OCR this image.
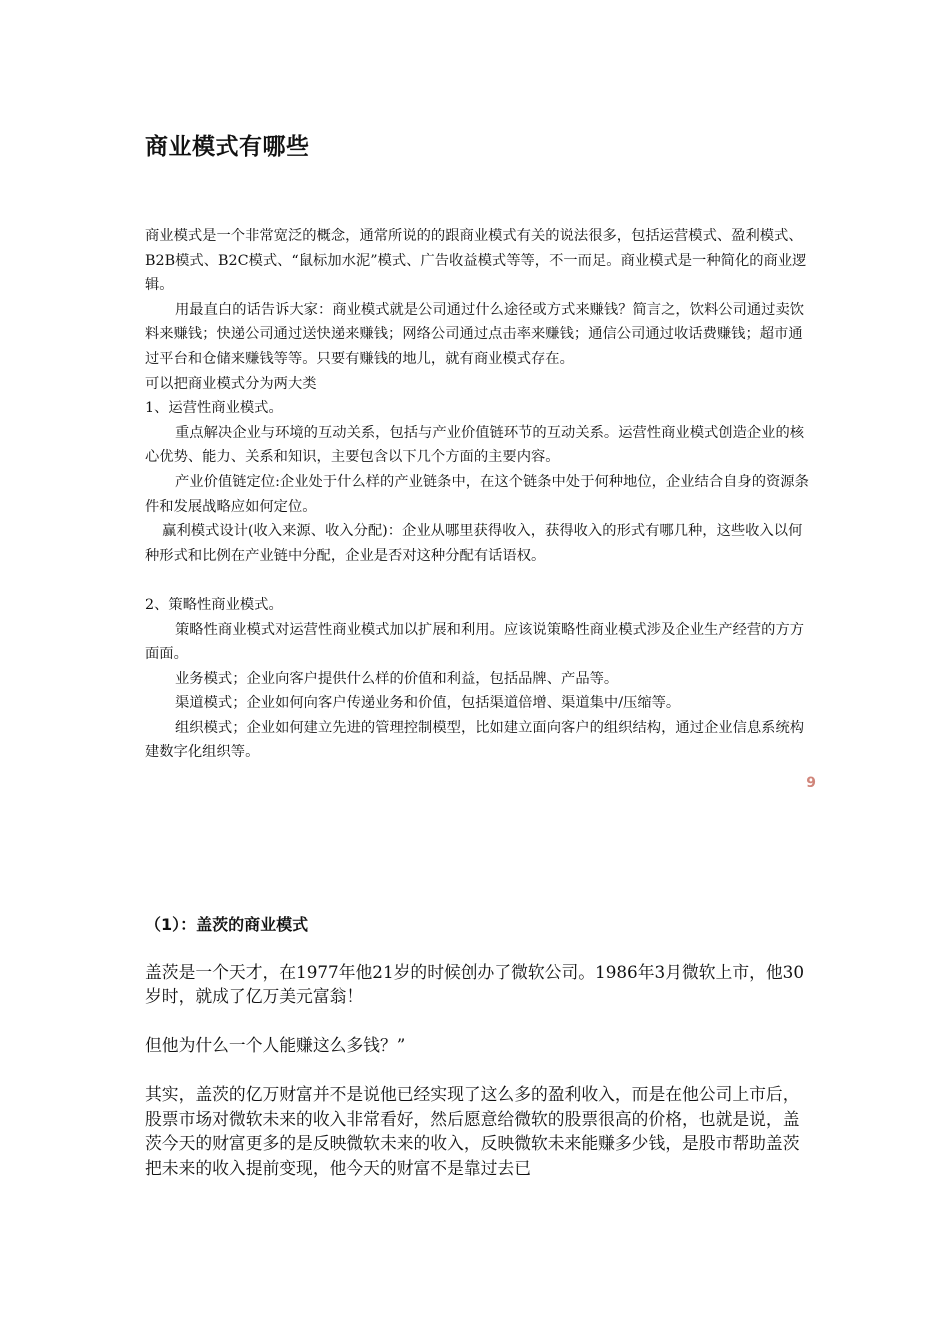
商业模式有哪些

商业模式是一个非常宽泛的概念，通常所说的的跟商业模式有关的说法很多，包括运营模式、盈利模式、B2B模式、B2C模式、“鼠标加水泥”模式、广告收益模式等等，不一而足。商业模式是一种简化的商业逻辑。

用最直白的话告诉大家：商业模式就是公司通过什么途径或方式来赚钱？简言之，饮料公司通过卖饮料来赚钱；快递公司通过送快递来赚钱；网络公司通过点击率来赚钱；通信公司通过收话费赚钱；超市通过平台和仓储来赚钱等等。只要有赚钱的地儿，就有商业模式存在。

可以把商业模式分为两大类

1、运营性商业模式。

重点解决企业与环境的互动关系，包括与产业价值链环节的互动关系。运营性商业模式创造企业的核心优势、能力、关系和知识，主要包含以下几个方面的主要内容。

产业价值链定位:企业处于什么样的产业链条中，在这个链条中处于何种地位，企业结合自身的资源条件和发展战略应如何定位。

赢利模式设计(收入来源、收入分配)：企业从哪里获得收入，获得收入的形式有哪几种，这些收入以何种形式和比例在产业链中分配，企业是否对这种分配有话语权。

2、策略性商业模式。

策略性商业模式对运营性商业模式加以扩展和利用。应该说策略性商业模式涉及企业生产经营的方方面面。

业务模式；企业向客户提供什么样的价值和利益，包括品牌、产品等。

渠道模式；企业如何向客户传递业务和价值，包括渠道倍增、渠道集中/压缩等。

组织模式；企业如何建立先进的管理控制模型，比如建立面向客户的组织结构，通过企业信息系统构建数字化组织等。

9
（1）：盖茨的商业模式

盖茨是一个天才，在1977年他21岁的时候创办了微软公司。1986年3月微软上市，他30岁时，就成了亿万美元富翁！

但他为什么一个人能赚这么多钱？”

其实，盖茨的亿万财富并不是说他已经实现了这么多的盈利收入，而是在他公司上市后，股票市场对微软未来的收入非常看好，然后愿意给微软的股票很高的价格，也就是说，盖茨今天的财富更多的是反映微软未来的收入，反映微软未来能赚多少钱，是股市帮助盖茨把未来的收入提前变现，他今天的财富不是靠过去已
